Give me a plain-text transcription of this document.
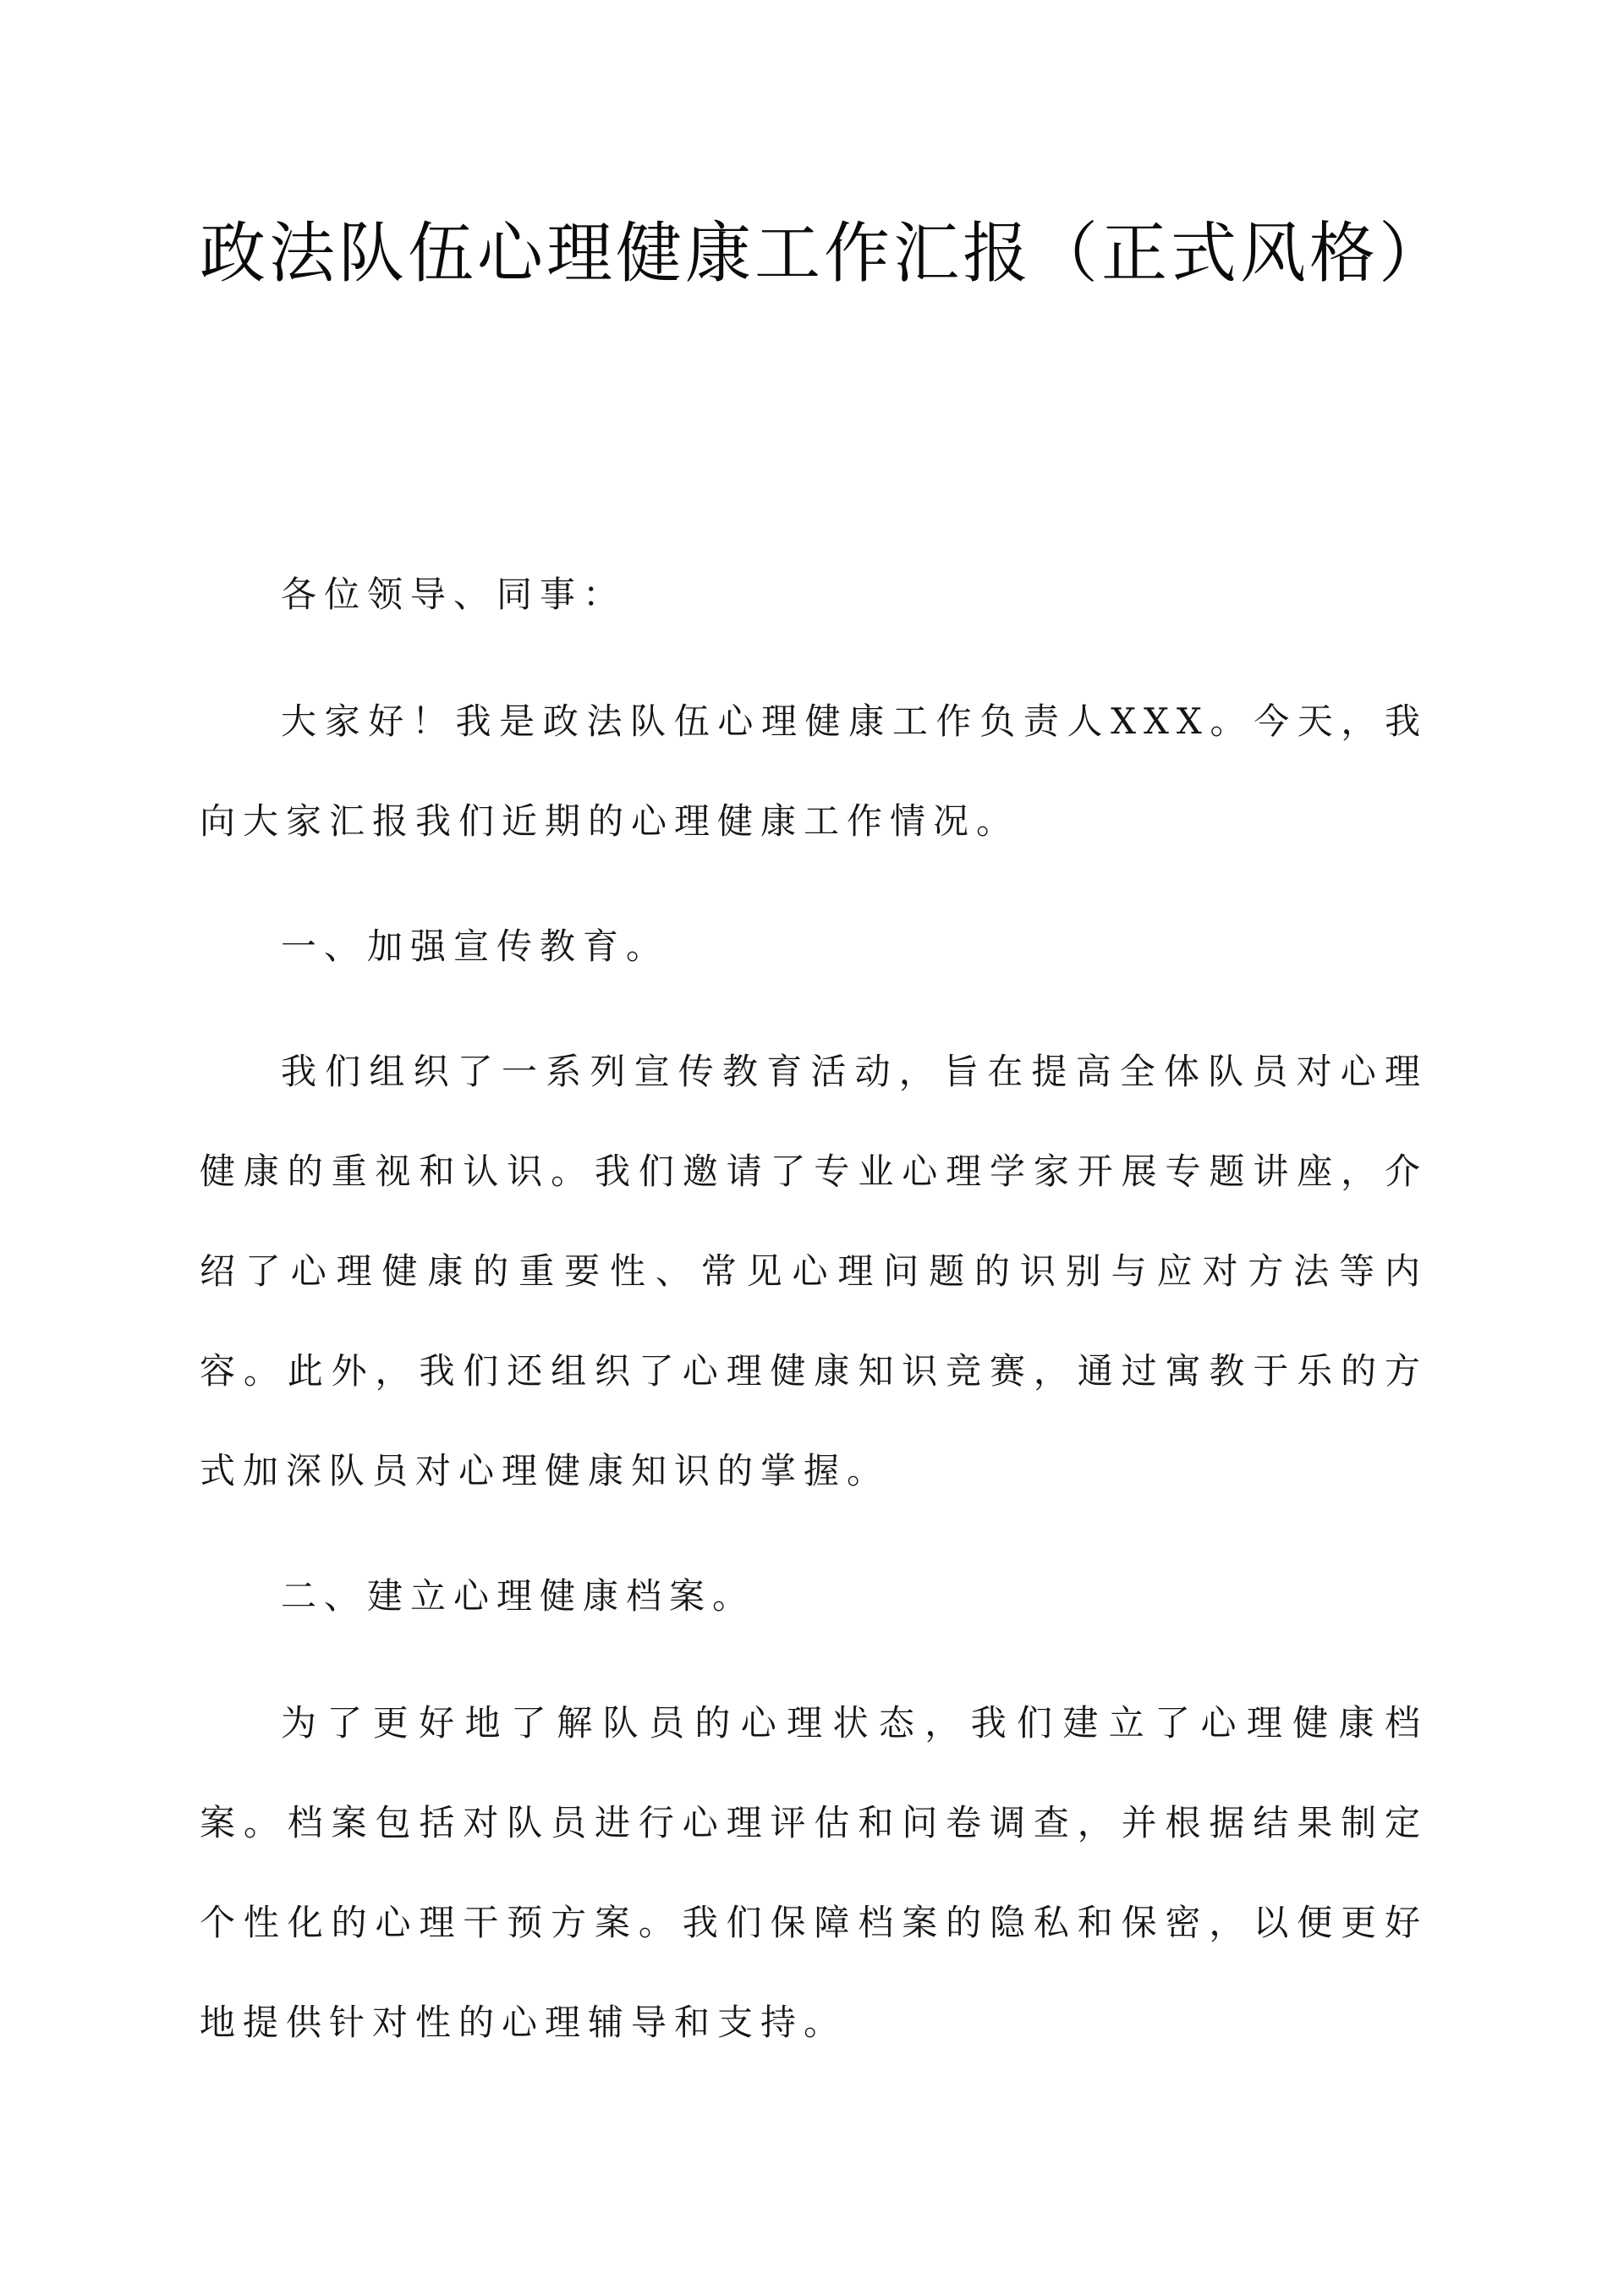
政法队伍心理健康工作汇报（正式风格）

各位领导、同事：

大家好！我是政法队伍心理健康工作负责人XXX。今天，我向大家汇报我们近期的心理健康工作情况。

一、加强宣传教育。

我们组织了一系列宣传教育活动，旨在提高全体队员对心理健康的重视和认识。我们邀请了专业心理学家开展专题讲座，介绍了心理健康的重要性、常见心理问题的识别与应对方法等内容。此外，我们还组织了心理健康知识竞赛，通过寓教于乐的方式加深队员对心理健康知识的掌握。

二、建立心理健康档案。

为了更好地了解队员的心理状态，我们建立了心理健康档案。档案包括对队员进行心理评估和问卷调查，并根据结果制定个性化的心理干预方案。我们保障档案的隐私和保密，以便更好地提供针对性的心理辅导和支持。
